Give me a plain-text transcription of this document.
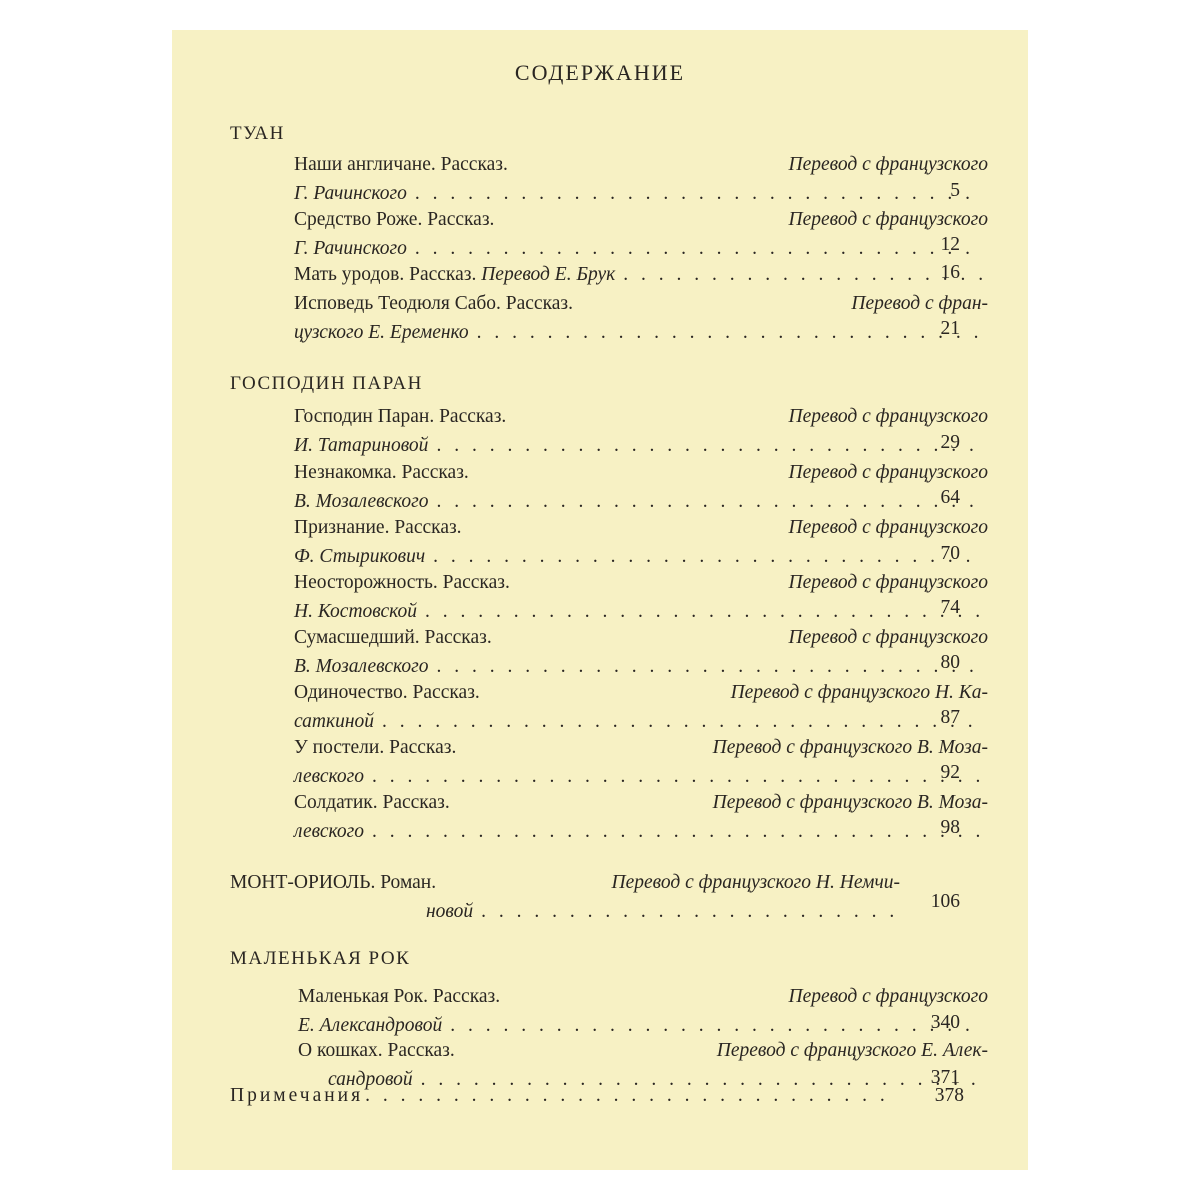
СОДЕРЖАНИЕ
ТУАН
Наши англичане. Рассказ.	Перевод с французского
Г. Рачинского . . .	5
Средство Роже. Рассказ.	Перевод с французского
Г. Рачинского . . .	12
Мать уродов. Рассказ.
Перевод Е. Брук . . .	16
Исповедь Теодюля Сабо. Рассказ.	Перевод с фран-
цузского Е. Еременко . . .	21
ГОСПОДИН ПАРАН
Господин Паран. Рассказ.	Перевод с французского
И. Татариновой . . .	29
Незнакомка. Рассказ.	Перевод с французского
В. Мозалевского . . .	64
Признание. Рассказ.	Перевод с французского
Ф. Стырикович . . .	70
Неосторожность. Рассказ.	Перевод с французского
Н. Костовской . . .	74
Сумасшедший. Рассказ.	Перевод с французского
В. Мозалевского . . .	80
Одиночество. Рассказ.	Перевод с французского Н. Ка-
саткиной . . .	87
У постели. Рассказ.	Перевод с французского В. Моза-
левского . . .	92
Солдатик. Рассказ.	Перевод с французского В. Моза-
левского . . .	98
МОНТ-ОРИОЛЬ. Роман.	Перевод с французского Н. Немчи-
новой . . .	106
МАЛЕНЬКАЯ РОК
Маленькая Рок. Рассказ.	Перевод с французского
Е. Александровой . . .	340
О кошках. Рассказ.	Перевод с французского Е. Алек-
сандровой . . .	371
Примечания . . .	378
